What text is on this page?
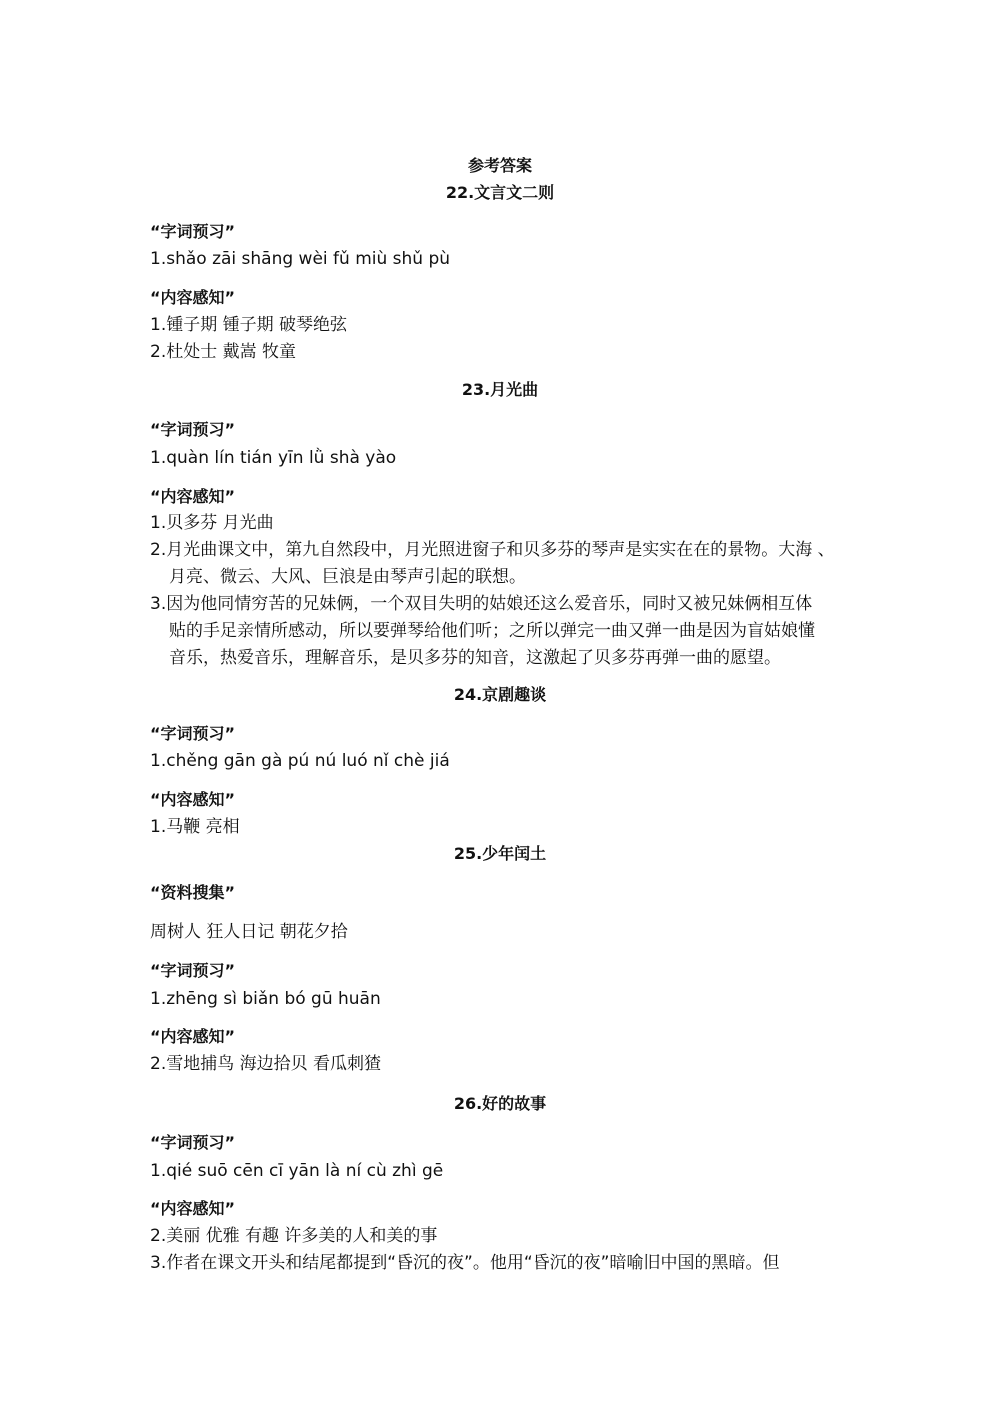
参考答案
22.文言文二则
“字词预习”
1.shǎo zāi shāng wèi fǔ miù shǔ pù
“内容感知”
1.锺子期 锺子期 破琴绝弦
2.杜处士 戴嵩 牧童
23.月光曲
“字词预习”
1.quàn lín tián yīn lǜ shà yào
“内容感知”
1.贝多芬 月光曲
2.月光曲课文中，第九自然段中，月光照进窗子和贝多芬的琴声是实实在在的景物。大海 、
月亮、微云、大风、巨浪是由琴声引起的联想。
3.因为他同情穷苦的兄妹俩，一个双目失明的姑娘还这么爱音乐，同时又被兄妹俩相互体
贴的手足亲情所感动，所以要弹琴给他们听；之所以弹完一曲又弹一曲是因为盲姑娘懂
音乐，热爱音乐，理解音乐，是贝多芬的知音，这激起了贝多芬再弹一曲的愿望。
24.京剧趣谈
“字词预习”
1.chěng gān gà pú nú luó nǐ chè jiá
“内容感知”
1.马鞭 亮相
25.少年闰土
“资料搜集”
周树人 狂人日记 朝花夕拾
“字词预习”
1.zhēng sì biǎn bó gū huān
“内容感知”
2.雪地捕鸟 海边拾贝 看瓜刺猹
26.好的故事
“字词预习”
1.qié suō cēn cī yān là ní cù zhì gē
“内容感知”
2.美丽 优雅 有趣 许多美的人和美的事
3.作者在课文开头和结尾都提到“昏沉的夜”。他用“昏沉的夜”暗喻旧中国的黑暗。但
